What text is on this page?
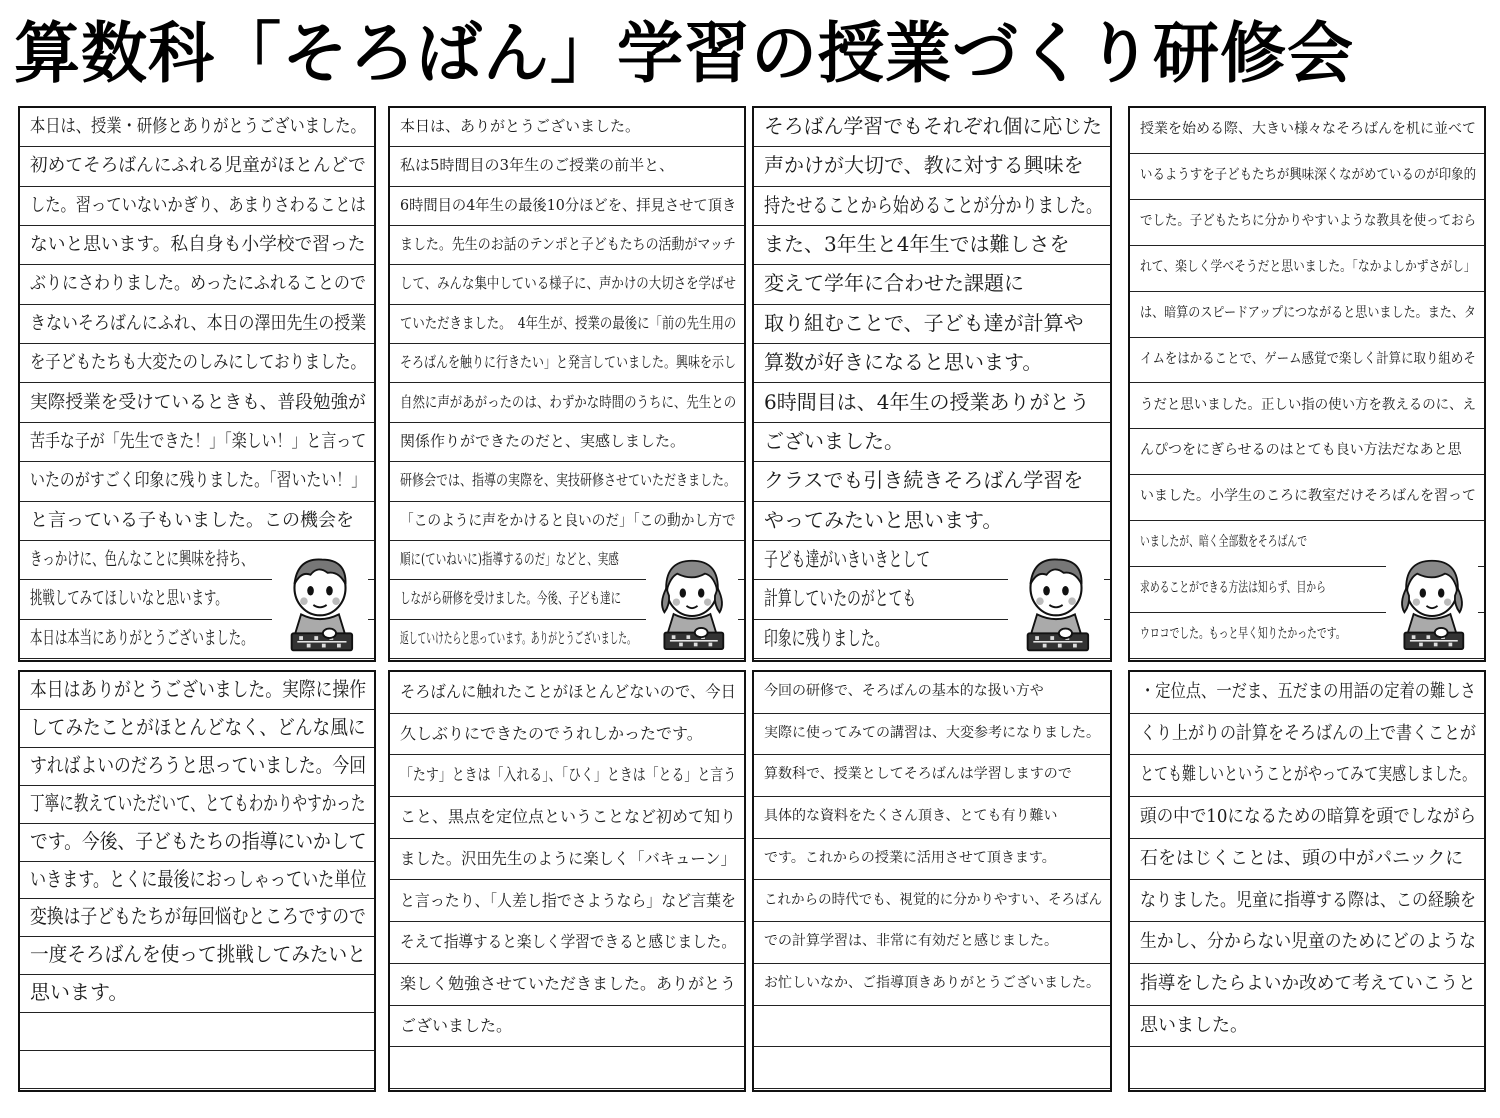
算数科「そろばん」学習の授業づくり研修会
本日は、授業・研修とありがとうございました。
初めてそろばんにふれる児童がほとんどで
した。習っていないかぎり、あまりさわることは
ないと思います。私自身も小学校で習った
ぶりにさわりました。めったにふれることので
きないそろばんにふれ、本日の澤田先生の授業
を子どもたちも大変たのしみにしておりました。
実際授業を受けているときも、普段勉強が
苦手な子が「先生できた！」「楽しい！」と言って
いたのがすごく印象に残りました。「習いたい！」
と言っている子もいました。この機会を
きっかけに、色んなことに興味を持ち、
挑戦してみてほしいなと思います。
本日は本当にありがとうございました。
本日は、ありがとうございました。
私は5時間目の3年生のご授業の前半と、
6時間目の4年生の最後10分ほどを、拝見させて頂き
ました。先生のお話のテンポと子どもたちの活動がマッチ
して、みんな集中している様子に、声かけの大切さを学ばせ
ていただきました。　4年生が、授業の最後に「前の先生用の
そろばんを触りに行きたい」と発言していました。興味を示し
自然に声があがったのは、わずかな時間のうちに、先生との
関係作りができたのだと、実感しました。
研修会では、指導の実際を、実技研修させていただきました。
「このように声をかけると良いのだ」「この動かし方で
順に(ていねいに)指導するのだ」などと、実感
しながら研修を受けました。今後、子ども達に
返していけたらと思っています。ありがとうございました。
そろばん学習でもそれぞれ個に応じた
声かけが大切で、教に対する興味を
持たせることから始めることが分かりました。
また、3年生と4年生では難しさを
変えて学年に合わせた課題に
取り組むことで、子ども達が計算や
算数が好きになると思います。
6時間目は、4年生の授業ありがとう
ございました。
クラスでも引き続きそろばん学習を
やってみたいと思います。
子ども達がいきいきとして
計算していたのがとても
印象に残りました。
授業を始める際、大きい様々なそろばんを机に並べて
いるようすを子どもたちが興味深くながめているのが印象的
でした。子どもたちに分かりやすいような教具を使っておら
れて、楽しく学べそうだと思いました。「なかよしかずさがし」
は、暗算のスピードアップにつながると思いました。また、タ
イムをはかることで、ゲーム感覚で楽しく計算に取り組めそ
うだと思いました。正しい指の使い方を教えるのに、え
んぴつをにぎらせるのはとても良い方法だなあと思
いました。小学生のころに教室だけそろばんを習って
いましたが、暗く全部数をそろばんで
求めることができる方法は知らず、目から
ウロコでした。もっと早く知りたかったです。
本日はありがとうございました。実際に操作
してみたことがほとんどなく、どんな風に
すればよいのだろうと思っていました。今回
丁寧に教えていただいて、とてもわかりやすかった
です。今後、子どもたちの指導にいかして
いきます。とくに最後におっしゃっていた単位
変換は子どもたちが毎回悩むところですので
一度そろばんを使って挑戦してみたいと
思います。
そろばんに触れたことがほとんどないので、今日
久しぶりにできたのでうれしかったです。
「たす」ときは「入れる」、「ひく」ときは「とる」と言う
こと、黒点を定位点ということなど初めて知り
ました。沢田先生のように楽しく「バキューン」
と言ったり、「人差し指でさようなら」など言葉を
そえて指導すると楽しく学習できると感じました。
楽しく勉強させていただきました。ありがとう
ございました。
今回の研修で、そろばんの基本的な扱い方や
実際に使ってみての講習は、大変参考になりました。
算数科で、授業としてそろばんは学習しますので
具体的な資料をたくさん頂き、とても有り難い
です。これからの授業に活用させて頂きます。
これからの時代でも、視覚的に分かりやすい、そろばん
での計算学習は、非常に有効だと感じました。
お忙しいなか、ご指導頂きありがとうございました。
・定位点、一だま、五だまの用語の定着の難しさ
くり上がりの計算をそろばんの上で書くことが
とても難しいということがやってみて実感しました。
頭の中で10になるための暗算を頭でしながら
石をはじくことは、頭の中がパニックに
なりました。児童に指導する際は、この経験を
生かし、分からない児童のためにどのような
指導をしたらよいか改めて考えていこうと
思いました。
